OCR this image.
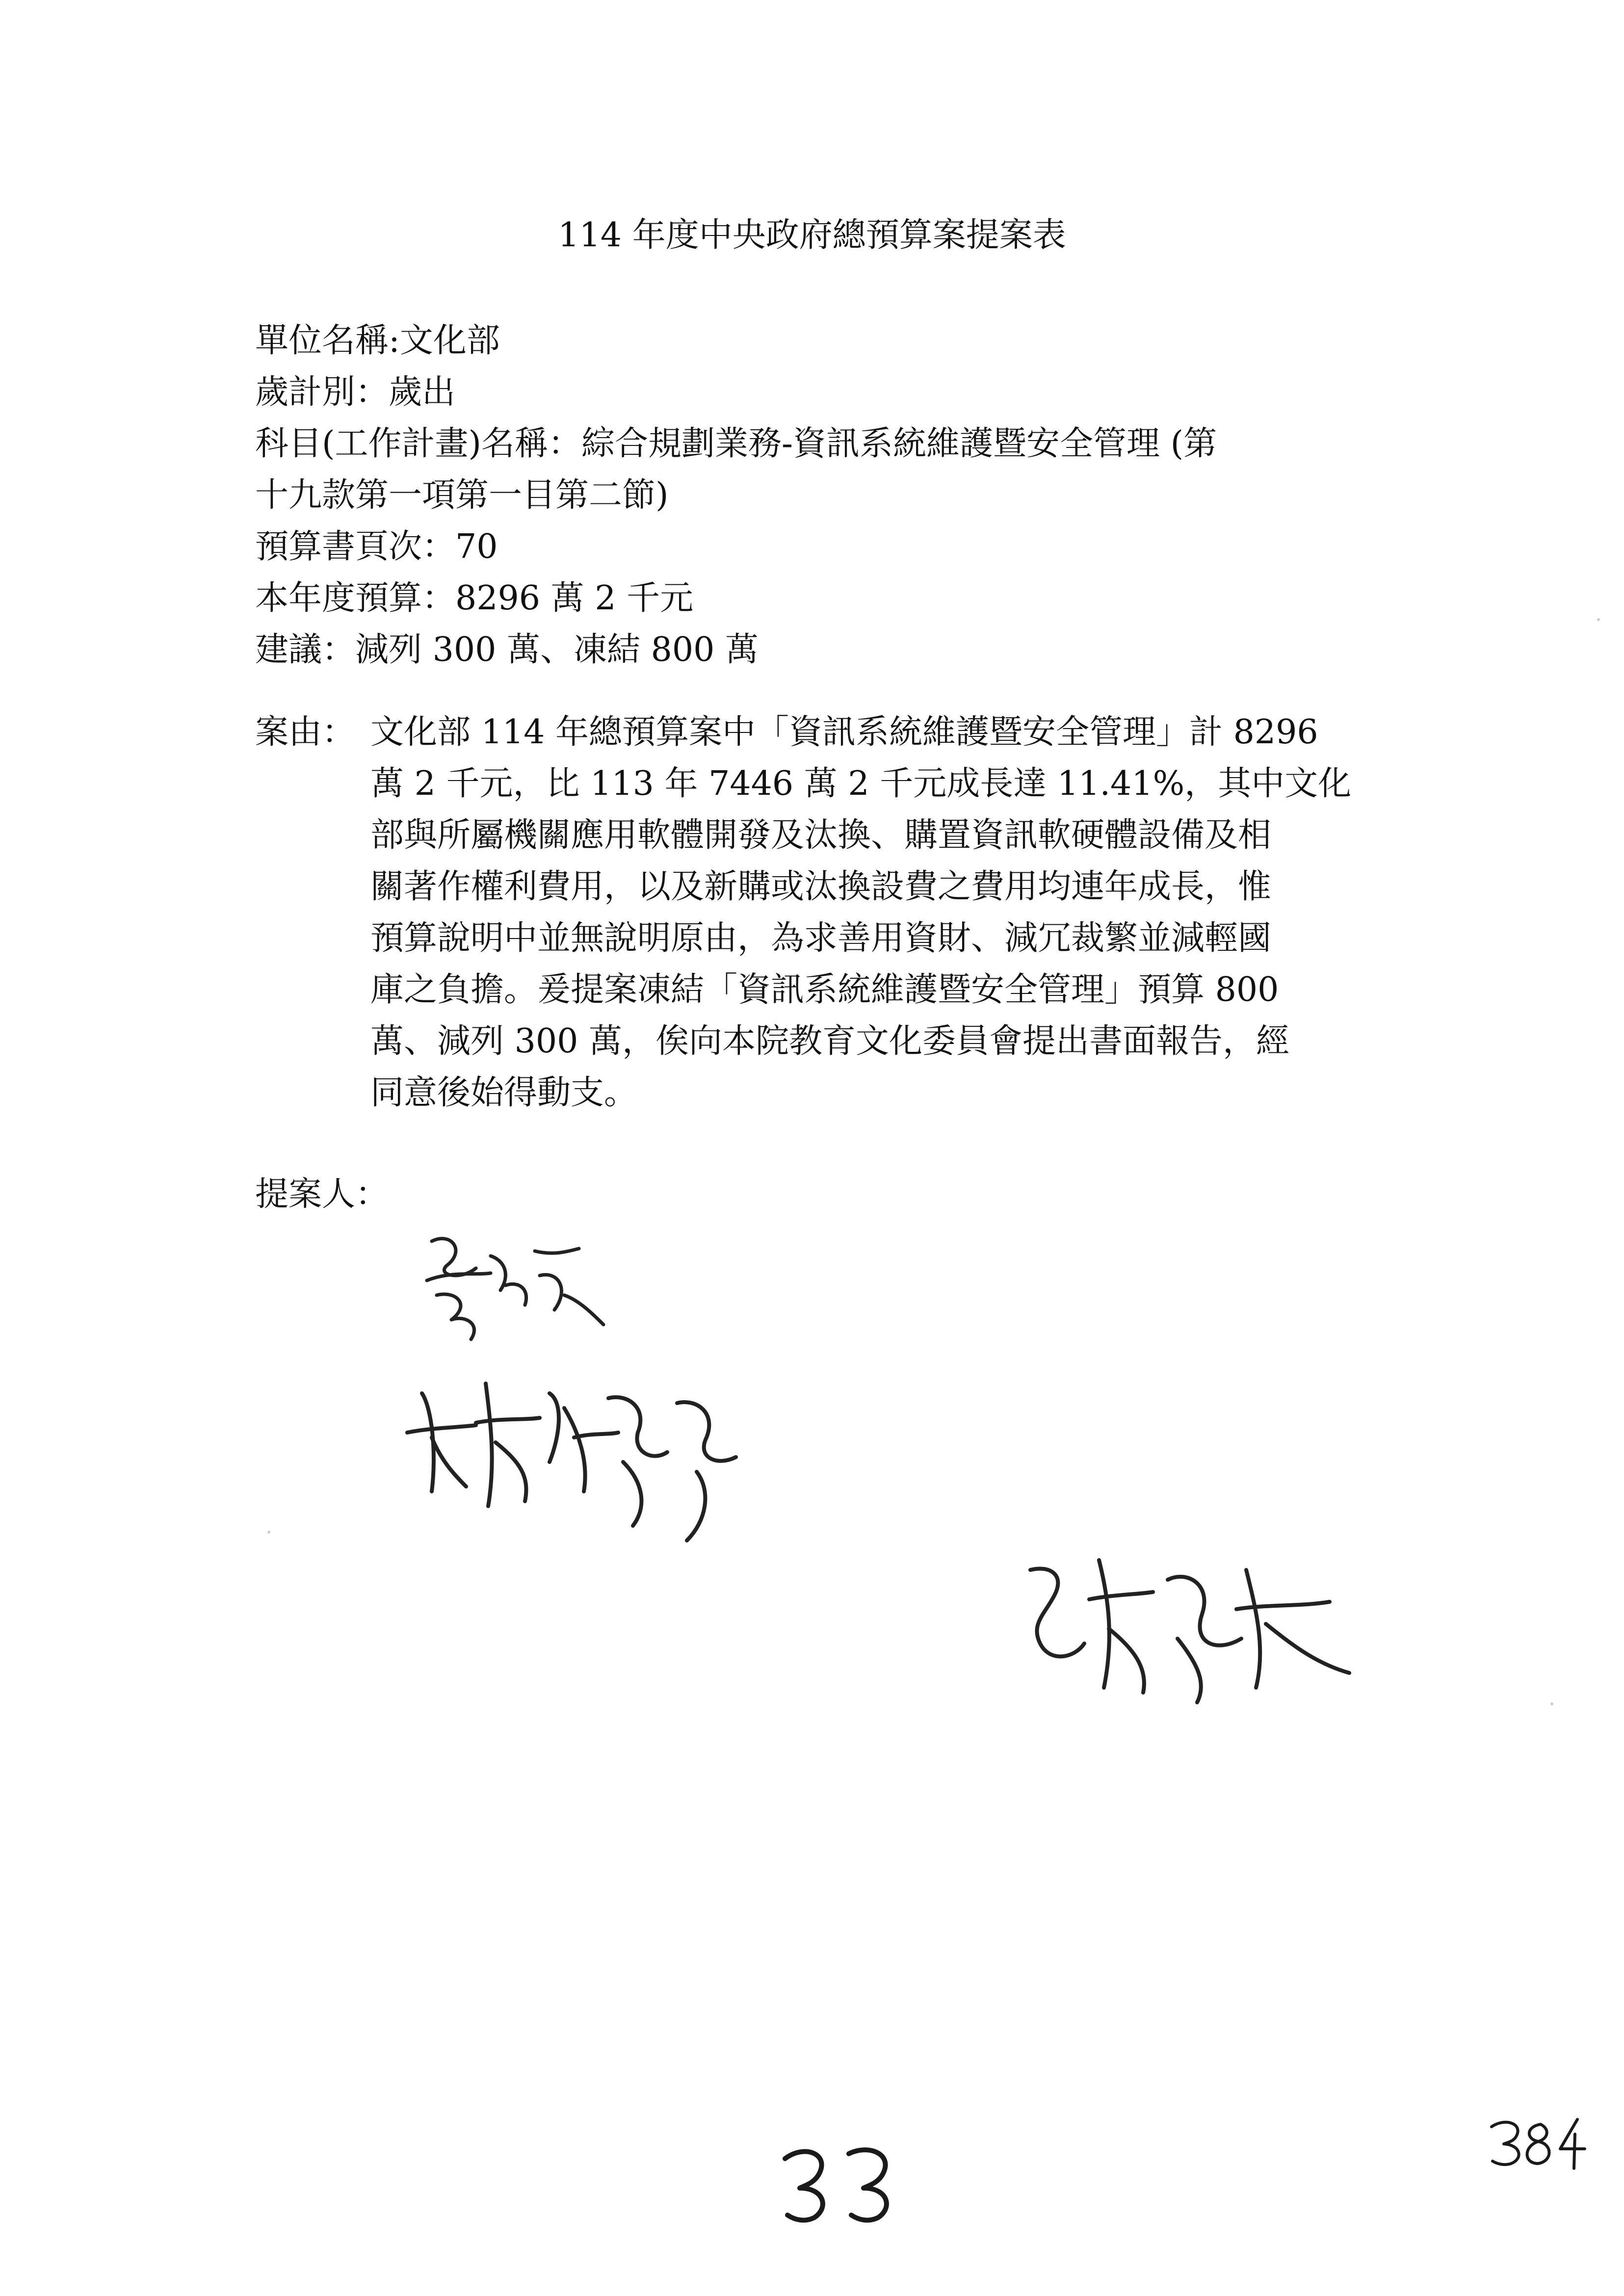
114 年度中央政府總預算案提案表
單位名稱:文化部
歲計別：歲出
科目(工作計畫)名稱：綜合規劃業務-資訊系統維護暨安全管理 (第
十九款第一項第一目第二節)
預算書頁次：70
本年度預算：8296 萬 2 千元
建議：減列 300 萬、凍結 800 萬
案由： 文化部 114 年總預算案中「資訊系統維護暨安全管理」計 8296
萬 2 千元，比 113 年 7446 萬 2 千元成長達 11.41%，其中文化
部與所屬機關應用軟體開發及汰換、購置資訊軟硬體設備及相
關著作權利費用，以及新購或汰換設費之費用均連年成長，惟
預算說明中並無說明原由，為求善用資財、減冗裁繁並減輕國
庫之負擔。爰提案凍結「資訊系統維護暨安全管理」預算 800
萬、減列 300 萬，俟向本院教育文化委員會提出書面報告，經
同意後始得動支。
提案人：
